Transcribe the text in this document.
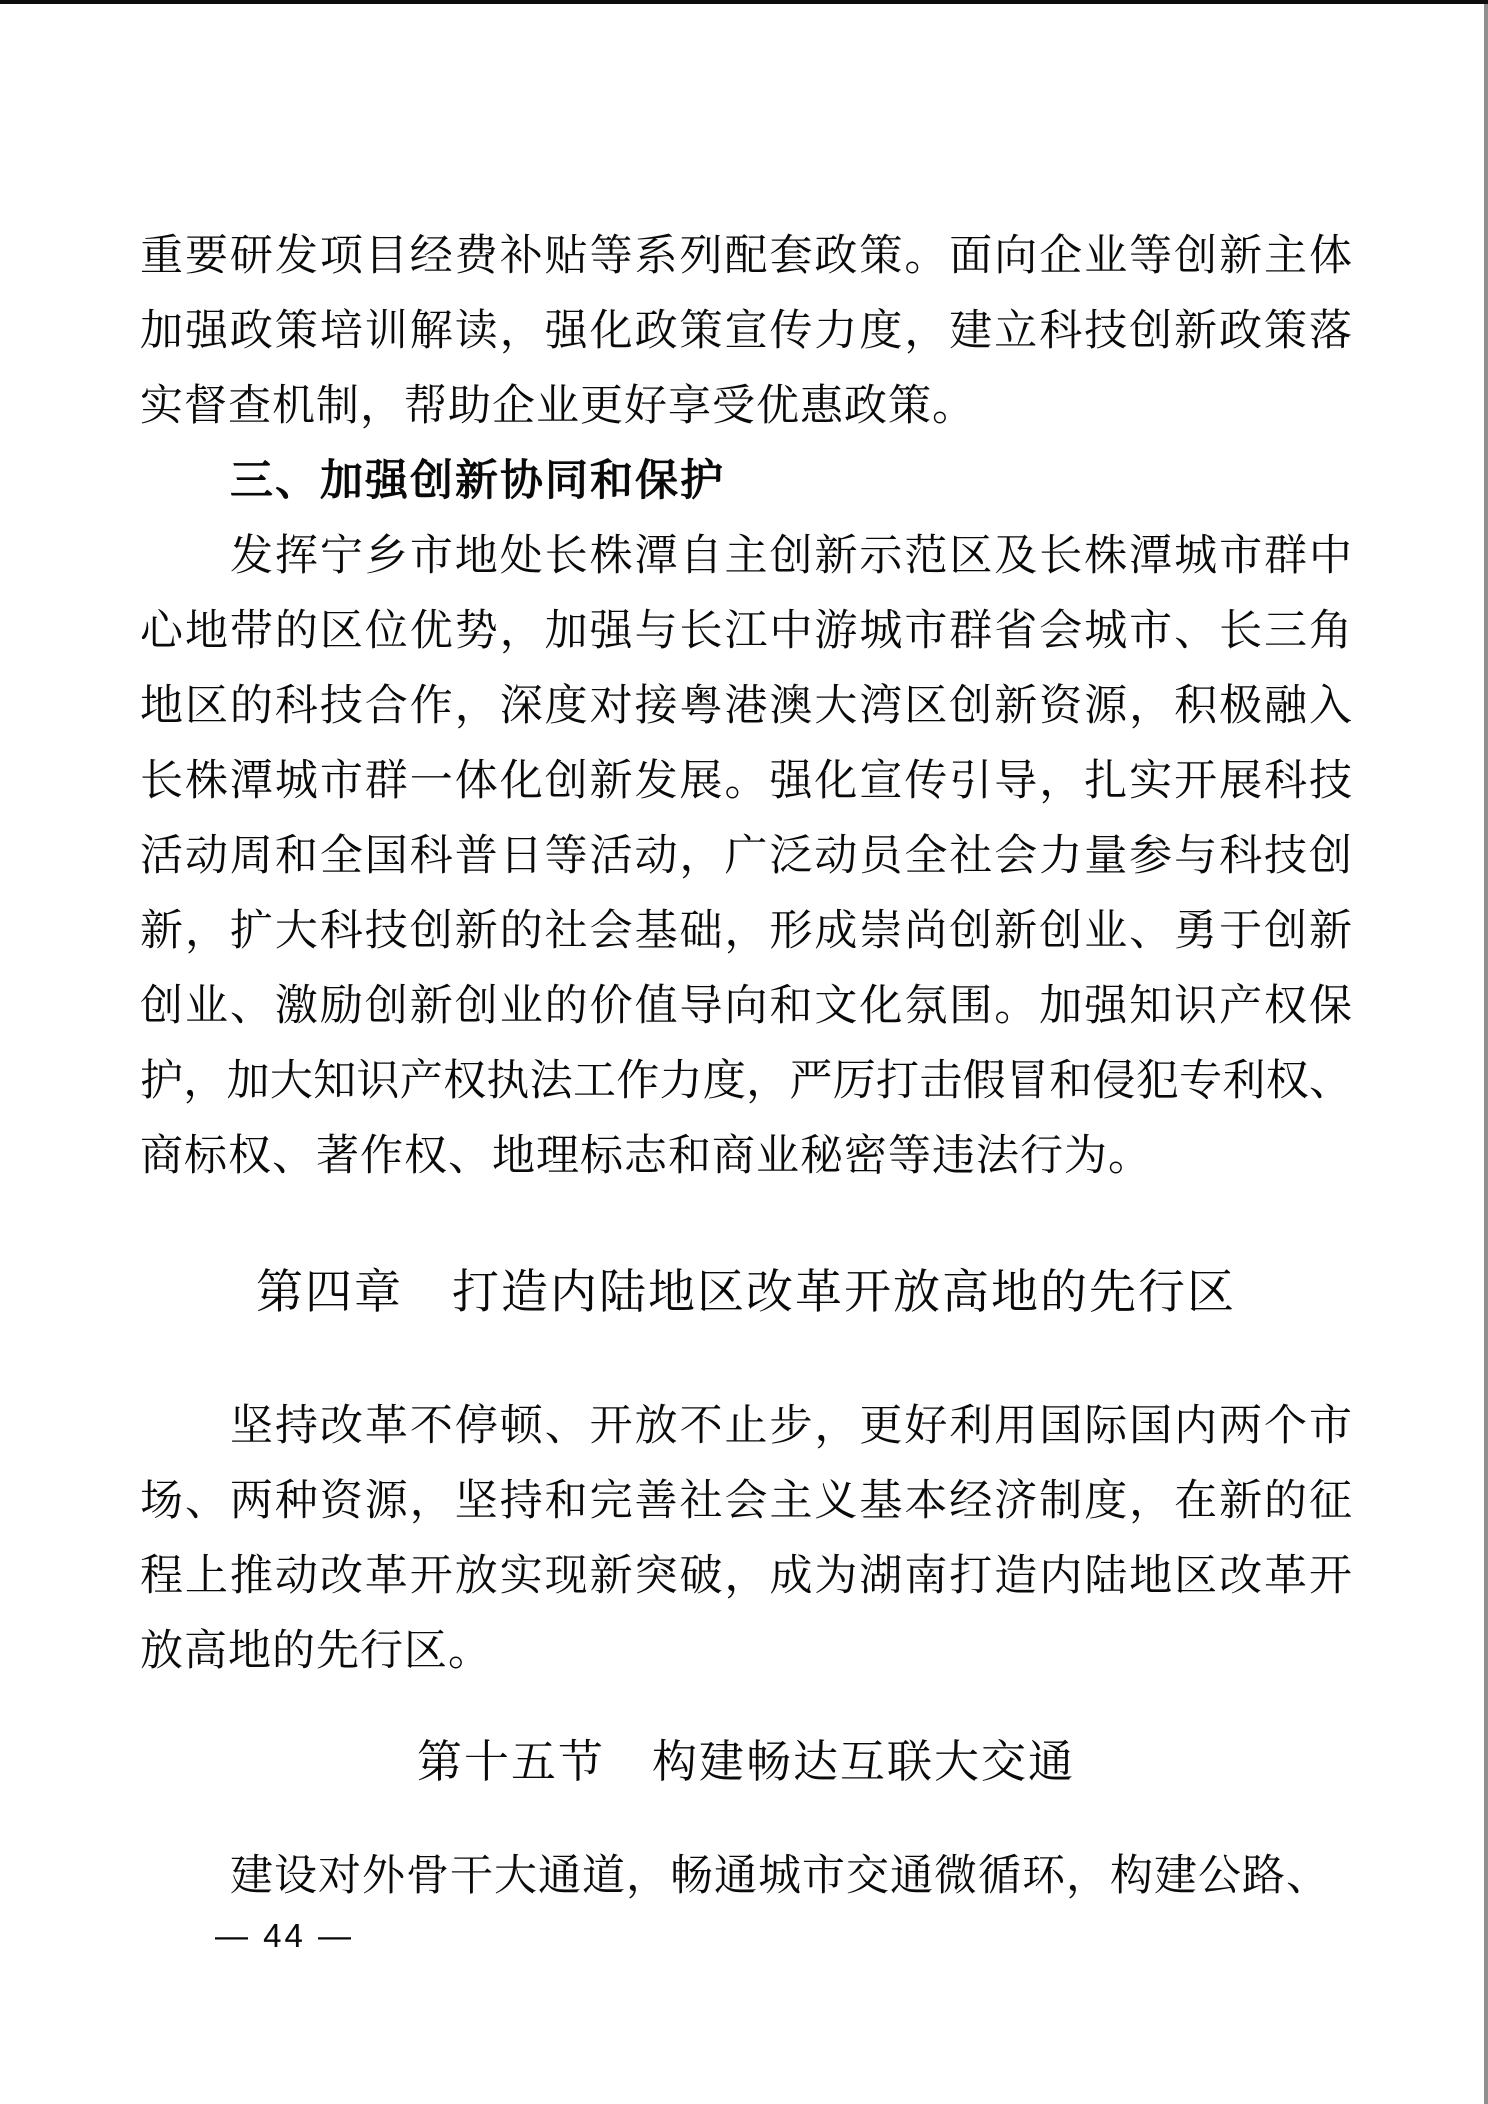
重要研发项目经费补贴等系列配套政策。面向企业等创新主体
加强政策培训解读，强化政策宣传力度，建立科技创新政策落
实督查机制，帮助企业更好享受优惠政策。
三、加强创新协同和保护
发挥宁乡市地处长株潭自主创新示范区及长株潭城市群中
心地带的区位优势，加强与长江中游城市群省会城市、长三角
地区的科技合作，深度对接粤港澳大湾区创新资源，积极融入
长株潭城市群一体化创新发展。强化宣传引导，扎实开展科技
活动周和全国科普日等活动，广泛动员全社会力量参与科技创
新，扩大科技创新的社会基础，形成崇尚创新创业、勇于创新
创业、激励创新创业的价值导向和文化氛围。加强知识产权保
护，加大知识产权执法工作力度，严厉打击假冒和侵犯专利权、
商标权、著作权、地理标志和商业秘密等违法行为。
第四章　打造内陆地区改革开放高地的先行区
坚持改革不停顿、开放不止步，更好利用国际国内两个市
场、两种资源，坚持和完善社会主义基本经济制度，在新的征
程上推动改革开放实现新突破，成为湖南打造内陆地区改革开
放高地的先行区。
第十五节　构建畅达互联大交通
建设对外骨干大通道，畅通城市交通微循环，构建公路、
— 44 —
